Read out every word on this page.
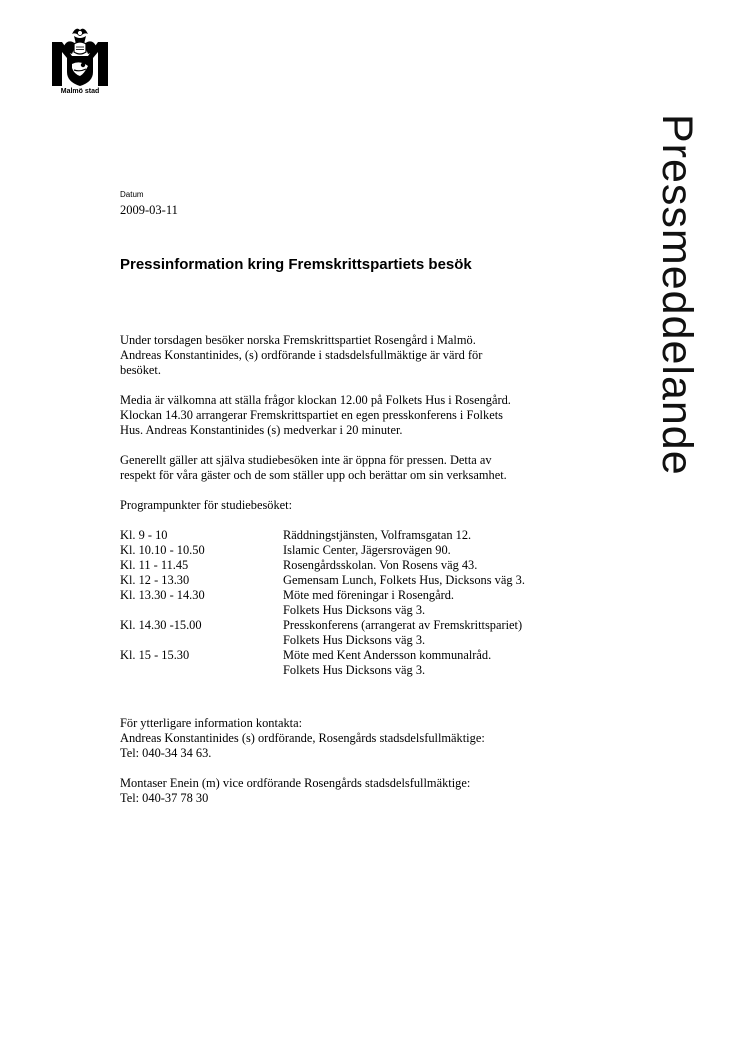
Malmö stad
Pressmeddelande
Datum
2009-03-11
Pressinformation kring Fremskrittspartiets besök

Under torsdagen besöker norska Fremskrittspartiet Rosengård i Malmö.
Andreas Konstantinides, (s) ordförande i stadsdelsfullmäktige är värd för
besöket.

Media är välkomna att ställa frågor klockan 12.00 på Folkets Hus i Rosengård.
Klockan 14.30 arrangerar Fremskrittspartiet en egen presskonferens i Folkets
Hus. Andreas Konstantinides (s) medverkar i 20 minuter.

Generellt gäller att själva studiebesöken inte är öppna för pressen. Detta av
respekt för våra gäster och de som ställer upp och berättar om sin verksamhet.

Programpunkter för studiebesöket:

Kl. 9 - 10	Räddningstjänsten, Volframsgatan 12.
Kl. 10.10 - 10.50	Islamic Center, Jägersrovägen 90.
Kl. 11 - 11.45	Rosengårdsskolan. Von Rosens väg 43.
Kl. 12 - 13.30	Gemensam Lunch, Folkets Hus, Dicksons väg 3.
Kl. 13.30 - 14.30	Möte med föreningar i Rosengård.
Folkets Hus Dicksons väg 3.
Kl. 14.30 -15.00	Presskonferens (arrangerat av Fremskrittspariet)
Folkets Hus Dicksons väg 3.
Kl. 15 - 15.30	Möte med Kent Andersson kommunalråd.
Folkets Hus Dicksons väg 3.

För ytterligare information kontakta:
Andreas Konstantinides (s) ordförande, Rosengårds stadsdelsfullmäktige:
Tel: 040-34 34 63.

Montaser Enein (m) vice ordförande Rosengårds stadsdelsfullmäktige:
Tel: 040-37 78 30
